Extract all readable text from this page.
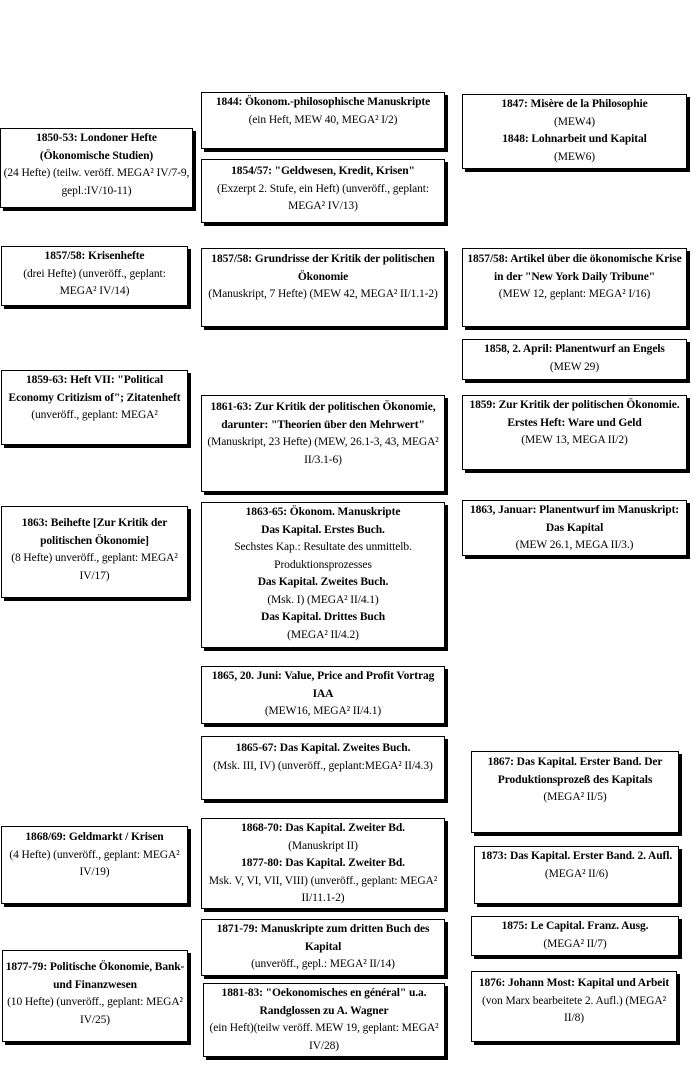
1850-53: Londoner Hefte (Ökonomische Studien)
(24 Hefte) (teilw. veröff. MEGA² IV/7-9, gepl.:IV/10-11)
1857/58: Krisenhefte
(drei Hefte) (unveröff., geplant: MEGA² IV/14)
1859-63: Heft VII: "Political Economy Critizism of"; Zitatenheft
(unveröff., geplant: MEGA²
1863: Beihefte [Zur Kritik der politischen Ökonomie]
(8 Hefte) unveröff., geplant: MEGA² IV/17)
1868/69: Geldmarkt / Krisen
(4 Hefte) (unveröff., geplant: MEGA² IV/19)
1877-79: Politische Ökonomie, Bank- und Finanzwesen
(10 Hefte) (unveröff., geplant: MEGA² IV/25)
1844: Ökonom.-philosophische Manuskripte
(ein Heft, MEW 40, MEGA² I/2)
1854/57: "Geldwesen, Kredit, Krisen"
(Exzerpt 2. Stufe, ein Heft) (unveröff., geplant: MEGA² IV/13)
1857/58: Grundrisse der Kritik der politischen Ökonomie
(Manuskript, 7 Hefte) (MEW 42, MEGA² II/1.1-2)
1861-63: Zur Kritik der politischen Ökonomie, darunter: "Theorien über den Mehrwert"
(Manuskript, 23 Hefte) (MEW, 26.1-3, 43, MEGA² II/3.1-6)
1863-65: Ökonom. Manuskripte
Das Kapital. Erstes Buch.
Sechstes Kap.: Resultate des unmittelb. Produktionsprozesses
Das Kapital. Zweites Buch.
(Msk. I) (MEGA² II/4.1)
Das Kapital. Drittes Buch
(MEGA² II/4.2)
1865, 20. Juni: Value, Price and Profit Vortrag IAA
(MEW16, MEGA² II/4.1)
1865-67: Das Kapital. Zweites Buch.
(Msk. III, IV) (unveröff., geplant:MEGA² II/4.3)
1868-70: Das Kapital. Zweiter Bd.
(Manuskript II)
1877-80: Das Kapital. Zweiter Bd.
Msk. V, VI, VII, VIII) (unveröff., geplant: MEGA² II/11.1-2)
1871-79: Manuskripte zum dritten Buch des Kapital
(unveröff., gepl.: MEGA² II/14)
1881-83: "Oekonomisches en général" u.a. Randglossen zu A. Wagner
(ein Heft)(teilw veröff. MEW 19, geplant: MEGA² IV/28)
1847: Misère de la Philosophie
(MEW4)
1848: Lohnarbeit und Kapital
(MEW6)
1857/58: Artikel über die ökonomische Krise in der "New York Daily Tribune"
(MEW 12, geplant: MEGA² I/16)
1858, 2. April: Planentwurf an Engels
(MEW 29)
1859: Zur Kritik der politischen Ökonomie. Erstes Heft: Ware und Geld
(MEW 13, MEGA II/2)
1863, Januar: Planentwurf im Manuskript: Das Kapital
(MEW 26.1, MEGA II/3.)
1867: Das Kapital. Erster Band. Der Produktionsprozeß des Kapitals
(MEGA² II/5)
1873: Das Kapital. Erster Band. 2. Aufl.
(MEGA² II/6)
1875: Le Capital. Franz. Ausg.
(MEGA² II/7)
1876: Johann Most: Kapital und Arbeit
(von Marx bearbeitete 2. Aufl.) (MEGA² II/8)
